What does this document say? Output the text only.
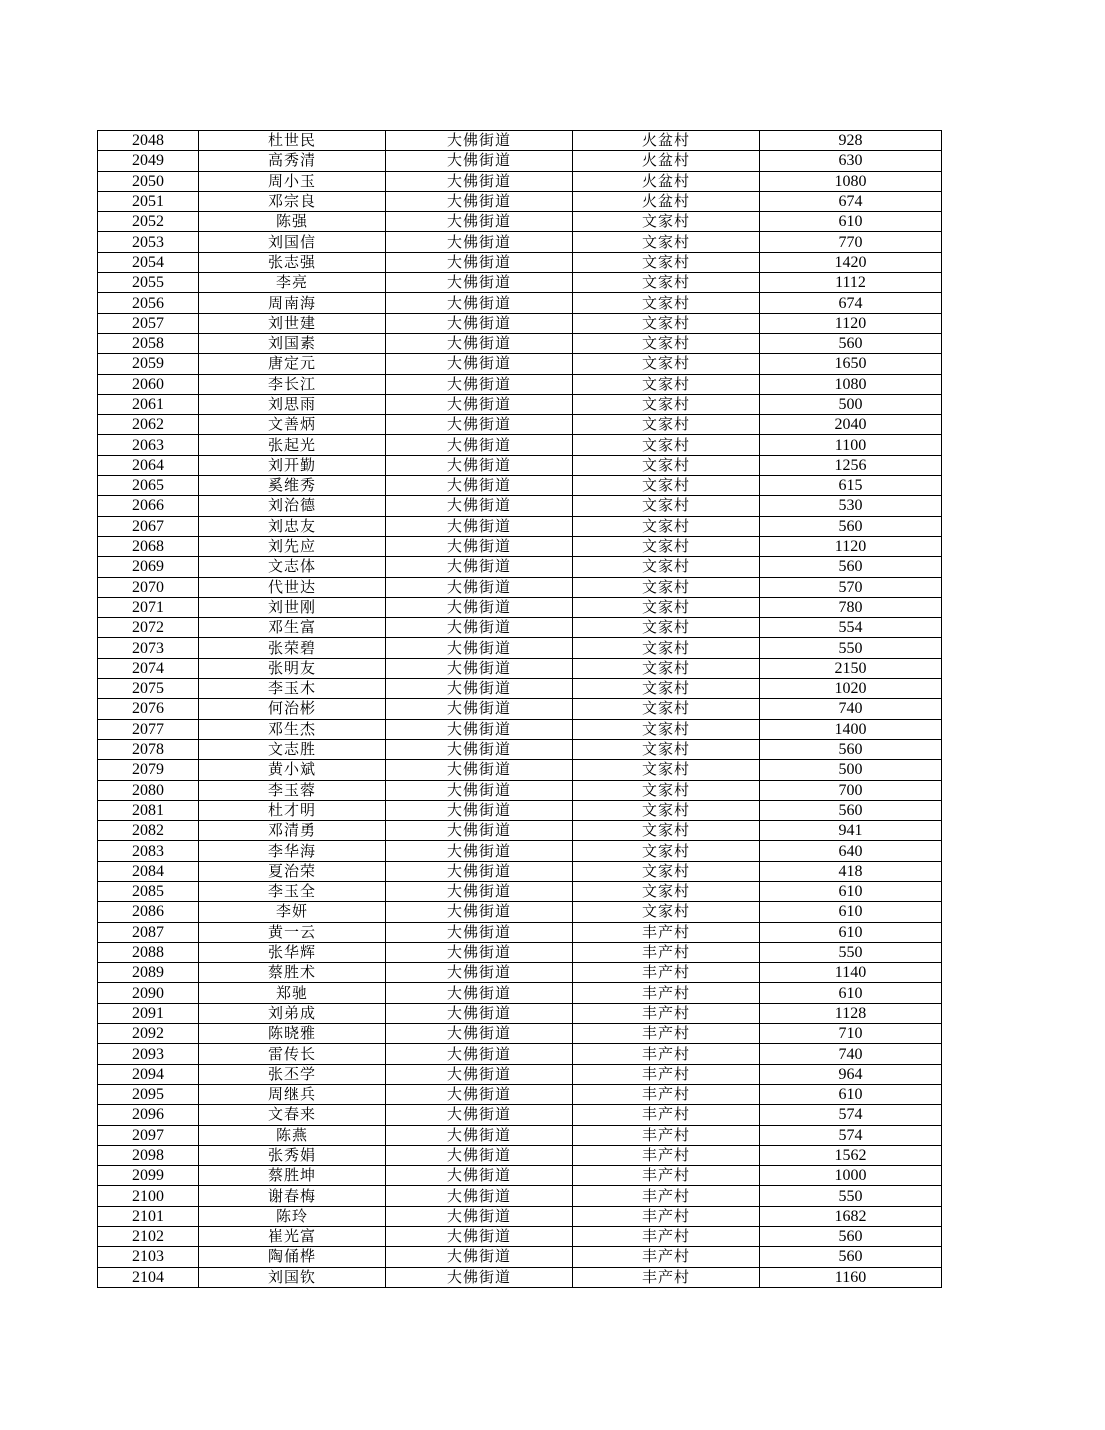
2048	杜世民	大佛街道	火盆村	928
2049	高秀清	大佛街道	火盆村	630
2050	周小玉	大佛街道	火盆村	1080
2051	邓宗良	大佛街道	火盆村	674
2052	陈强	大佛街道	文家村	610
2053	刘国信	大佛街道	文家村	770
2054	张志强	大佛街道	文家村	1420
2055	李亮	大佛街道	文家村	1112
2056	周南海	大佛街道	文家村	674
2057	刘世建	大佛街道	文家村	1120
2058	刘国素	大佛街道	文家村	560
2059	唐定元	大佛街道	文家村	1650
2060	李长江	大佛街道	文家村	1080
2061	刘思雨	大佛街道	文家村	500
2062	文善炳	大佛街道	文家村	2040
2063	张起光	大佛街道	文家村	1100
2064	刘开勤	大佛街道	文家村	1256
2065	奚维秀	大佛街道	文家村	615
2066	刘治德	大佛街道	文家村	530
2067	刘忠友	大佛街道	文家村	560
2068	刘先应	大佛街道	文家村	1120
2069	文志体	大佛街道	文家村	560
2070	代世达	大佛街道	文家村	570
2071	刘世刚	大佛街道	文家村	780
2072	邓生富	大佛街道	文家村	554
2073	张荣碧	大佛街道	文家村	550
2074	张明友	大佛街道	文家村	2150
2075	李玉木	大佛街道	文家村	1020
2076	何治彬	大佛街道	文家村	740
2077	邓生杰	大佛街道	文家村	1400
2078	文志胜	大佛街道	文家村	560
2079	黄小斌	大佛街道	文家村	500
2080	李玉蓉	大佛街道	文家村	700
2081	杜才明	大佛街道	文家村	560
2082	邓清勇	大佛街道	文家村	941
2083	李华海	大佛街道	文家村	640
2084	夏治荣	大佛街道	文家村	418
2085	李玉全	大佛街道	文家村	610
2086	李妍	大佛街道	文家村	610
2087	黄一云	大佛街道	丰产村	610
2088	张华辉	大佛街道	丰产村	550
2089	蔡胜术	大佛街道	丰产村	1140
2090	郑驰	大佛街道	丰产村	610
2091	刘弟成	大佛街道	丰产村	1128
2092	陈晓雅	大佛街道	丰产村	710
2093	雷传长	大佛街道	丰产村	740
2094	张丕学	大佛街道	丰产村	964
2095	周继兵	大佛街道	丰产村	610
2096	文春来	大佛街道	丰产村	574
2097	陈燕	大佛街道	丰产村	574
2098	张秀娟	大佛街道	丰产村	1562
2099	蔡胜坤	大佛街道	丰产村	1000
2100	谢春梅	大佛街道	丰产村	550
2101	陈玲	大佛街道	丰产村	1682
2102	崔光富	大佛街道	丰产村	560
2103	陶俑桦	大佛街道	丰产村	560
2104	刘国钦	大佛街道	丰产村	1160
